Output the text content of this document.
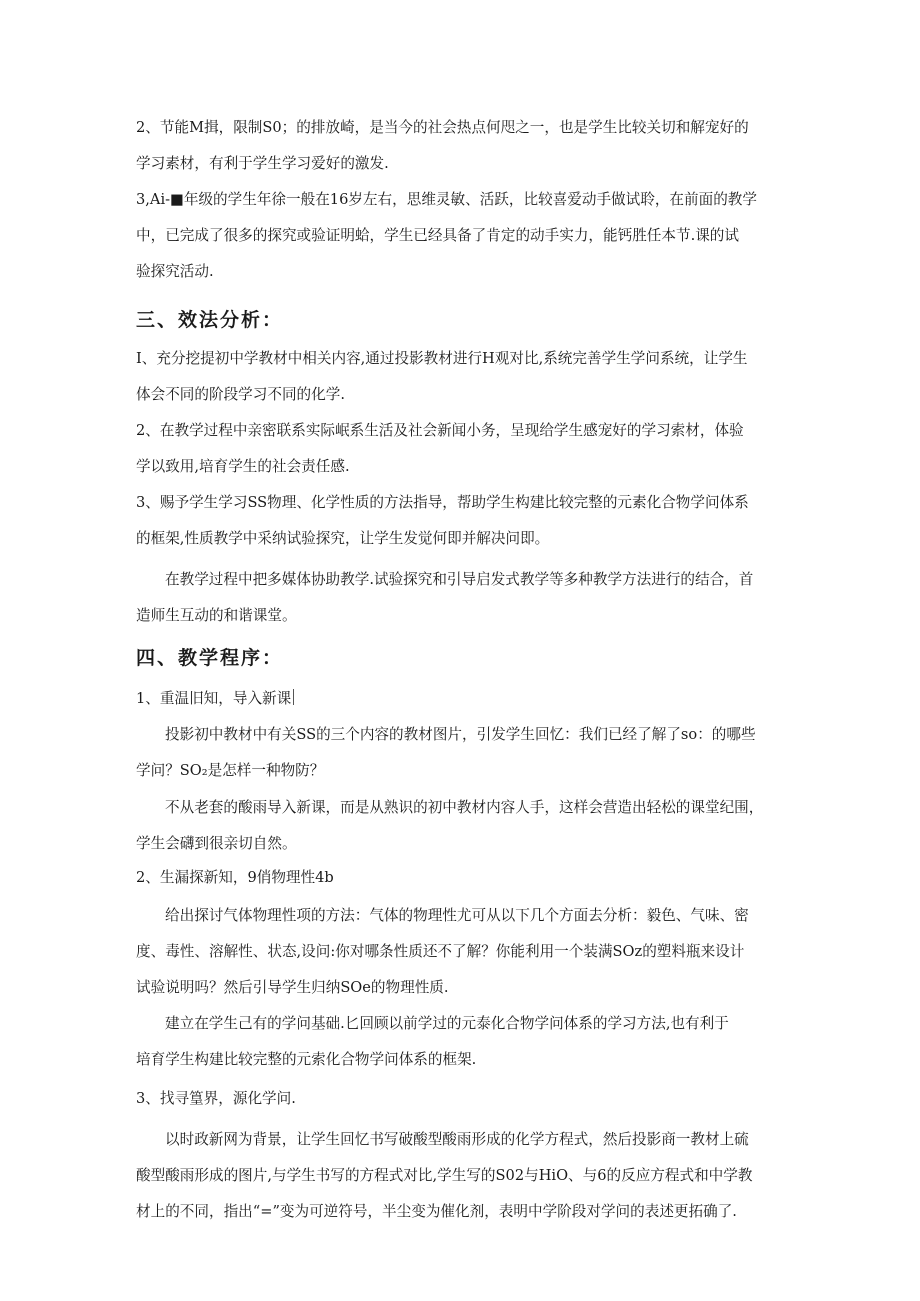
2、节能M揖，限制S0；的排放崎，是当今的社会热点何咫之一，也是学生比较关切和解宠好的
学习素材，有利于学生学习爱好的激发.

3,Ai-■年级的学生年徐一般在16岁左右，思维灵敏、活跃，比较喜爱动手做试聆，在前面的教学
中，已完成了很多的探究或验证明蛤，学生已经具备了肯定的动手实力，能钙胜任本节.课的试
验探究活动.

三、效法分析：

I、充分挖提初中学教材中相关内容,通过投影教材进行H观对比,系统完善学生学问系统，让学生
体会不同的阶段学习不同的化学.

2、在教学过程中亲密联系实际岷系生活及社会新闻小务，呈现给学生感宠好的学习索材，体验
学以致用,培育学生的社会责任感.

3、赐予学生学习SS物理、化学性质的方法指导，帮助学生构建比较完整的元素化合物学问体系
的框架,性质教学中采纳试验探究，让学生发觉何即并解决问即。

在教学过程中把多媒体协助教学.试验探究和引导启发式教学等多种教学方法进行的结合，首
造师生互动的和谐课堂。

四、教学程序：

1、重温旧知，导入新课

投影初中教材中有关SS的三个内容的教材图片，引发学生回忆：我们已经了解了so：的哪些
学问？SO₂是怎样一种物防？

不从老套的酸雨导入新课，而是从熟识的初中教材内容人手，这样会营造出轻松的课堂纪围，
学生会礴到很亲切自然。

2、生漏探新知，9俏物理性4b

给出探讨气体物理性项的方法：气体的物理性尤可从以下几个方面去分析：毅色、气味、密
度、毒性、溶解性、状态,设问:你对哪条性质还不了解？你能利用一个装满SOz的塑料瓶来设计
试验说明吗？然后引导学生归纳SOe的物理性质.

建立在学生己有的学问基础.匕回顾以前学过的元泰化合物学问体系的学习方法,也有利于
培育学生构建比较完整的元索化合物学问体系的框架.

3、找寻篁界，源化学问.

以时政新网为背景，让学生回忆书写破酸型酸雨形成的化学方程式，然后投影商一教材上硫
酸型酸雨形成的图片,与学生书写的方程式对比,学生写的S02与HiO、与6的反应方程式和中学教
材上的不同，指出“=”变为可逆符号，半尘变为催化剂，表明中学阶段对学问的表述更拓确了.
